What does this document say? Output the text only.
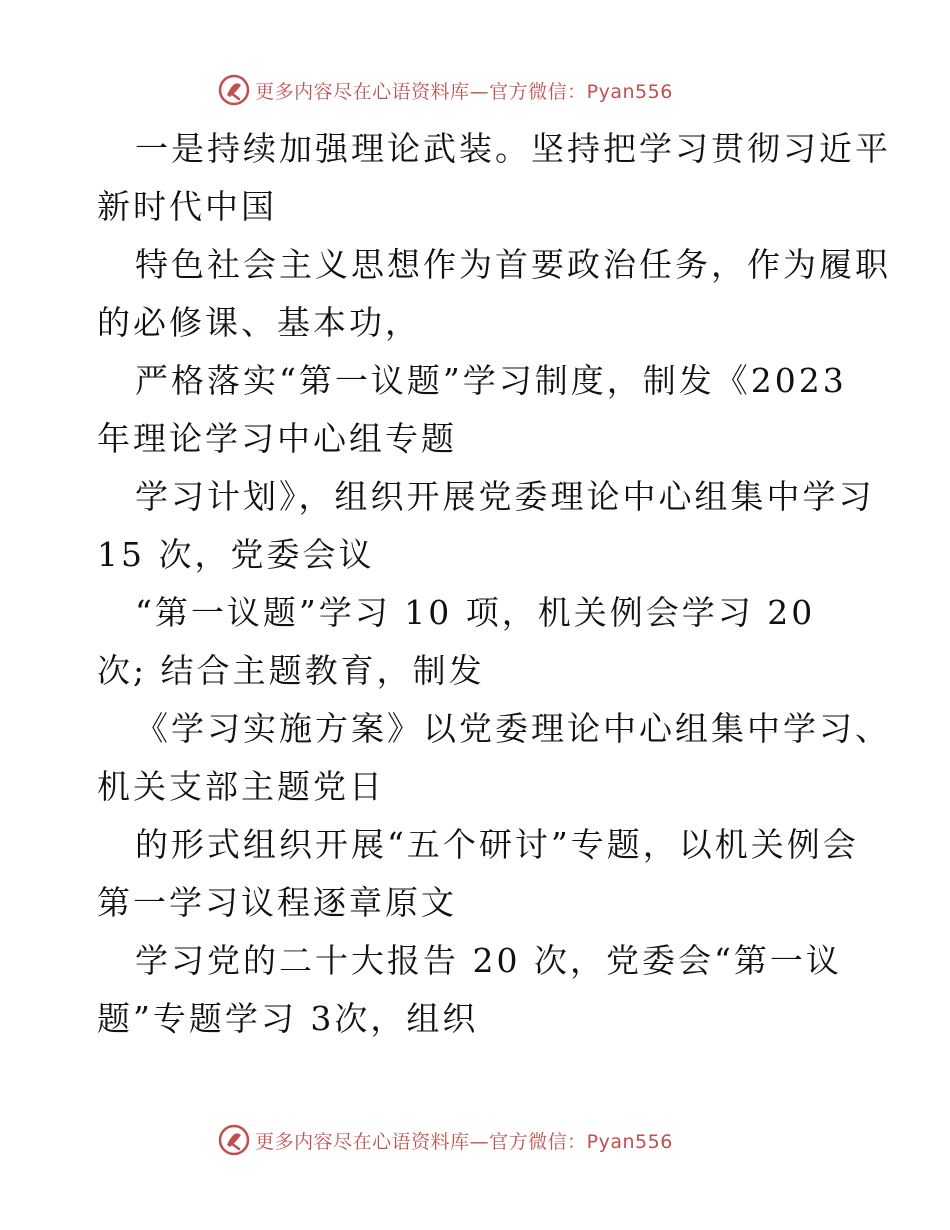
更多内容尽在心语资料库—官方微信：Pyan556

一是持续加强理论武装。坚持把学习贯彻习近平
新时代中国

特色社会主义思想作为首要政治任务，作为履职
的必修课、基本功，

严格落实“第一议题”学习制度，制发《2023
年理论学习中心组专题

学习计划》，组织开展党委理论中心组集中学习
15 次，党委会议

“第一议题”学习 10 项，机关例会学习 20
次; 结合主题教育，制发

《学习实施方案》以党委理论中心组集中学习、
机关支部主题党日

的形式组织开展“五个研讨”专题，以机关例会
第一学习议程逐章原文

学习党的二十大报告 20 次，党委会“第一议
题”专题学习 3次，组织

更多内容尽在心语资料库—官方微信：Pyan556
